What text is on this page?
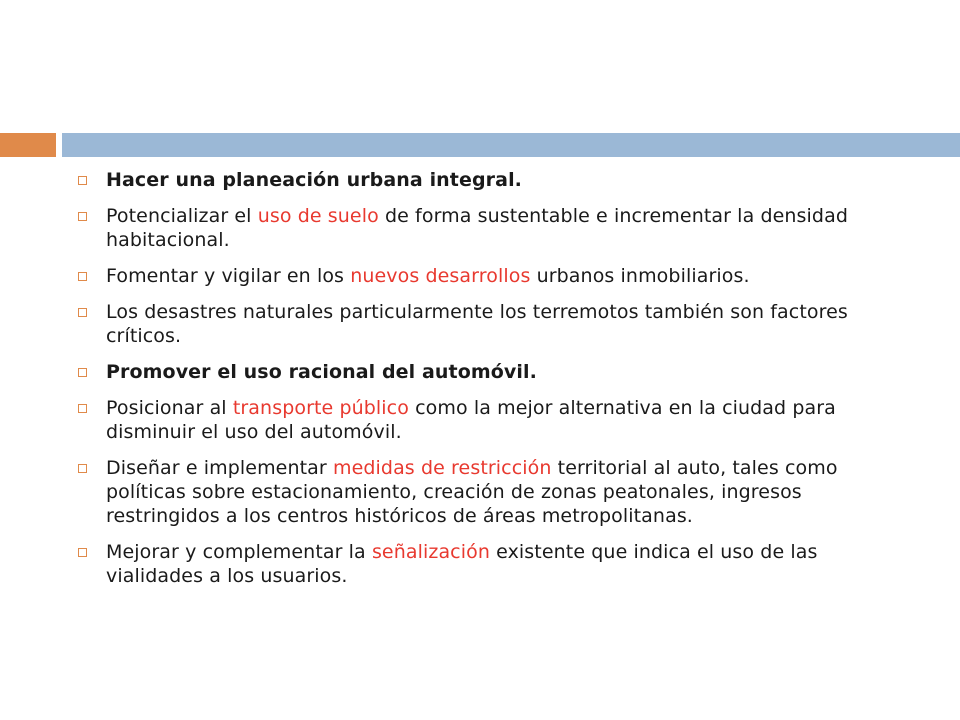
Hacer una planeación urbana integral.
Potencializar el uso de suelo de forma sustentable e incrementar la densidad habitacional.
Fomentar y vigilar en los nuevos desarrollos urbanos inmobiliarios.
Los desastres naturales particularmente los terremotos también son factores críticos.
Promover el uso racional del automóvil.
Posicionar al transporte público como la mejor alternativa en la ciudad para disminuir el uso del automóvil.
Diseñar e implementar medidas de restricción territorial al auto, tales como políticas sobre estacionamiento, creación de zonas peatonales, ingresos restringidos a los centros históricos de áreas metropolitanas.
Mejorar y complementar la señalización existente que indica el uso de las vialidades a los usuarios.
